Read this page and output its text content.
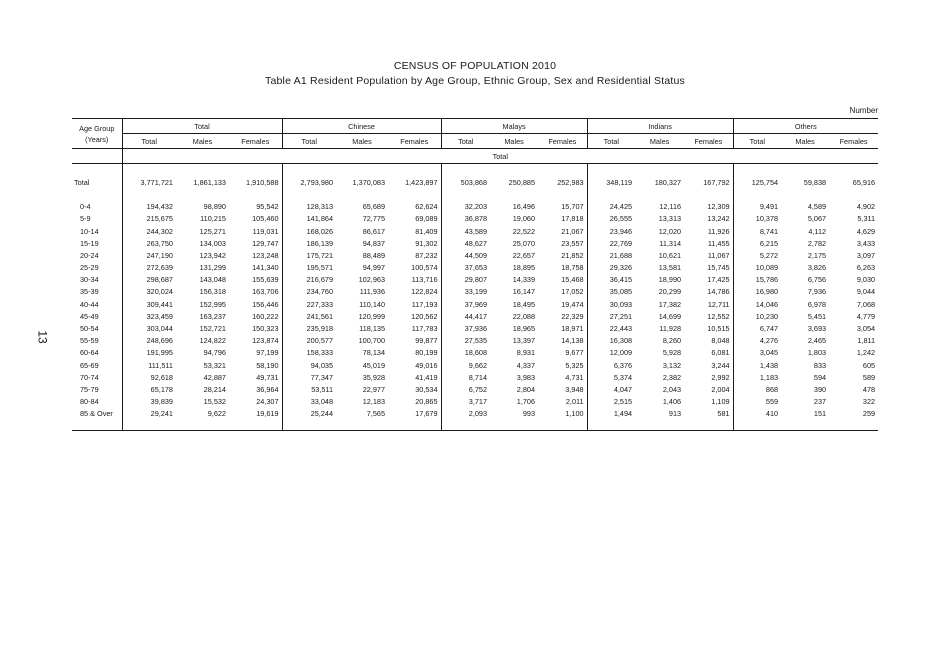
CENSUS OF POPULATION 2010
Table A1 Resident Population by Age Group, Ethnic Group, Sex and Residential Status
Number
13
Age Group
(Years)	Total			Chinese			Malays			Indians			Others		
	Total	Males	Females	Total	Males	Females	Total	Males	Females	Total	Males	Females	Total	Males	Females
	Total														

Total	3,771,721	1,861,133	1,910,588	2,793,980	1,370,083	1,423,897	503,868	250,885	252,983	348,119	180,327	167,792	125,754	59,838	65,916

0-4	194,432	98,890	95,542	128,313	65,689	62,624	32,203	16,496	15,707	24,425	12,116	12,309	9,491	4,589	4,902
5-9	215,675	110,215	105,460	141,864	72,775	69,089	36,878	19,060	17,818	26,555	13,313	13,242	10,378	5,067	5,311
10-14	244,302	125,271	119,031	168,026	86,617	81,409	43,589	22,522	21,067	23,946	12,020	11,926	8,741	4,112	4,629
15-19	263,750	134,003	129,747	186,139	94,837	91,302	48,627	25,070	23,557	22,769	11,314	11,455	6,215	2,782	3,433
20-24	247,190	123,942	123,248	175,721	88,489	87,232	44,509	22,657	21,852	21,688	10,621	11,067	5,272	2,175	3,097
25-29	272,639	131,299	141,340	195,571	94,997	100,574	37,653	18,895	18,758	29,326	13,581	15,745	10,089	3,826	6,263
30-34	298,687	143,048	155,639	216,679	102,963	113,716	29,807	14,339	15,468	36,415	18,990	17,425	15,786	6,756	9,030
35-39	320,024	156,318	163,706	234,760	111,936	122,824	33,199	16,147	17,052	35,085	20,299	14,786	16,980	7,936	9,044
40-44	309,441	152,995	156,446	227,333	110,140	117,193	37,969	18,495	19,474	30,093	17,382	12,711	14,046	6,978	7,068
45-49	323,459	163,237	160,222	241,561	120,999	120,562	44,417	22,088	22,329	27,251	14,699	12,552	10,230	5,451	4,779
50-54	303,044	152,721	150,323	235,918	118,135	117,783	37,936	18,965	18,971	22,443	11,928	10,515	6,747	3,693	3,054
55-59	248,696	124,822	123,874	200,577	100,700	99,877	27,535	13,397	14,138	16,308	8,260	8,048	4,276	2,465	1,811
60-64	191,995	94,796	97,199	158,333	78,134	80,199	18,608	8,931	9,677	12,009	5,928	6,081	3,045	1,803	1,242
65-69	111,511	53,321	58,190	94,035	45,019	49,016	9,662	4,337	5,325	6,376	3,132	3,244	1,438	833	605
70-74	92,618	42,887	49,731	77,347	35,928	41,419	8,714	3,983	4,731	5,374	2,382	2,992	1,183	594	589
75-79	65,178	28,214	36,964	53,511	22,977	30,534	6,752	2,804	3,948	4,047	2,043	2,004	868	390	478
80-84	39,839	15,532	24,307	33,048	12,183	20,865	3,717	1,706	2,011	2,515	1,406	1,109	559	237	322
85 & Over	29,241	9,622	19,619	25,244	7,565	17,679	2,093	993	1,100	1,494	913	581	410	151	259
